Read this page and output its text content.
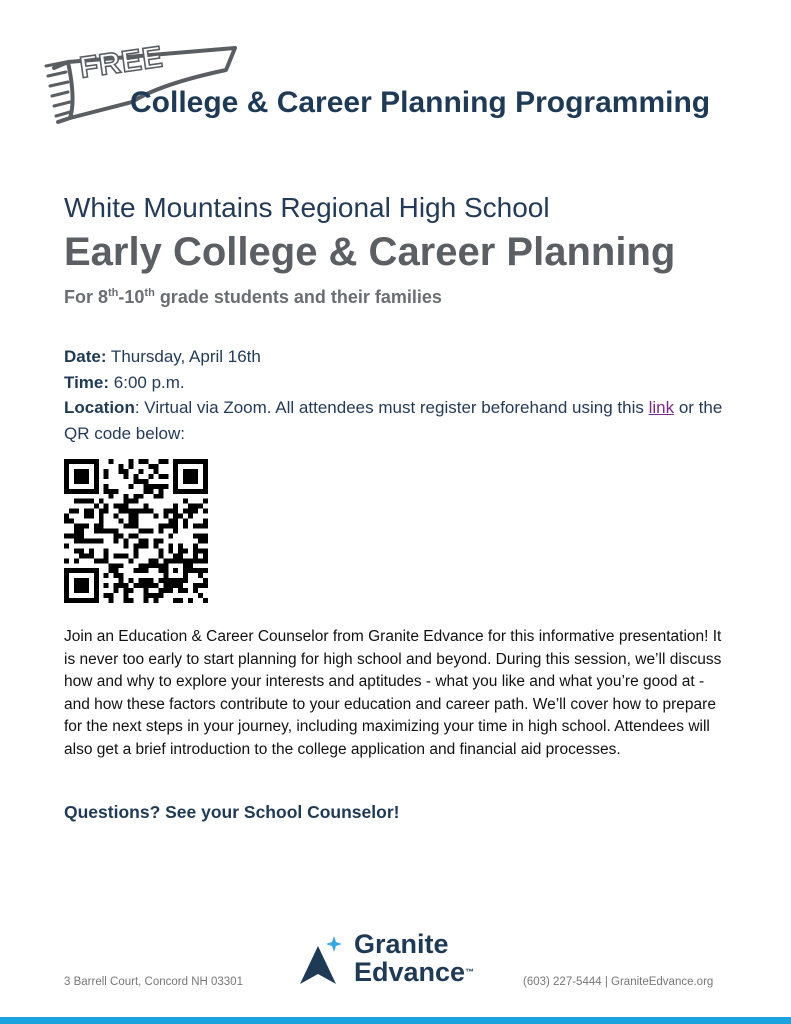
FREE
College & Career Planning Programming
White Mountains Regional High School
Early College & Career Planning
For 8th-10th grade students and their families
Date: Thursday, April 16th
Time: 6:00 p.m.
Location: Virtual via Zoom. All attendees must register beforehand using this link or the QR code below:
Join an Education & Career Counselor from Granite Edvance for this informative presentation! It is never too early to start planning for high school and beyond. During this session, we’ll discuss how and why to explore your interests and aptitudes - what you like and what you’re good at - and how these factors contribute to your education and career path. We’ll cover how to prepare for the next steps in your journey, including maximizing your time in high school. Attendees will also get a brief introduction to the college application and financial aid processes.
Questions? See your School Counselor!
3 Barrell Court, Concord NH 03301
Granite
Edvance™
(603) 227-5444 | GraniteEdvance.org
